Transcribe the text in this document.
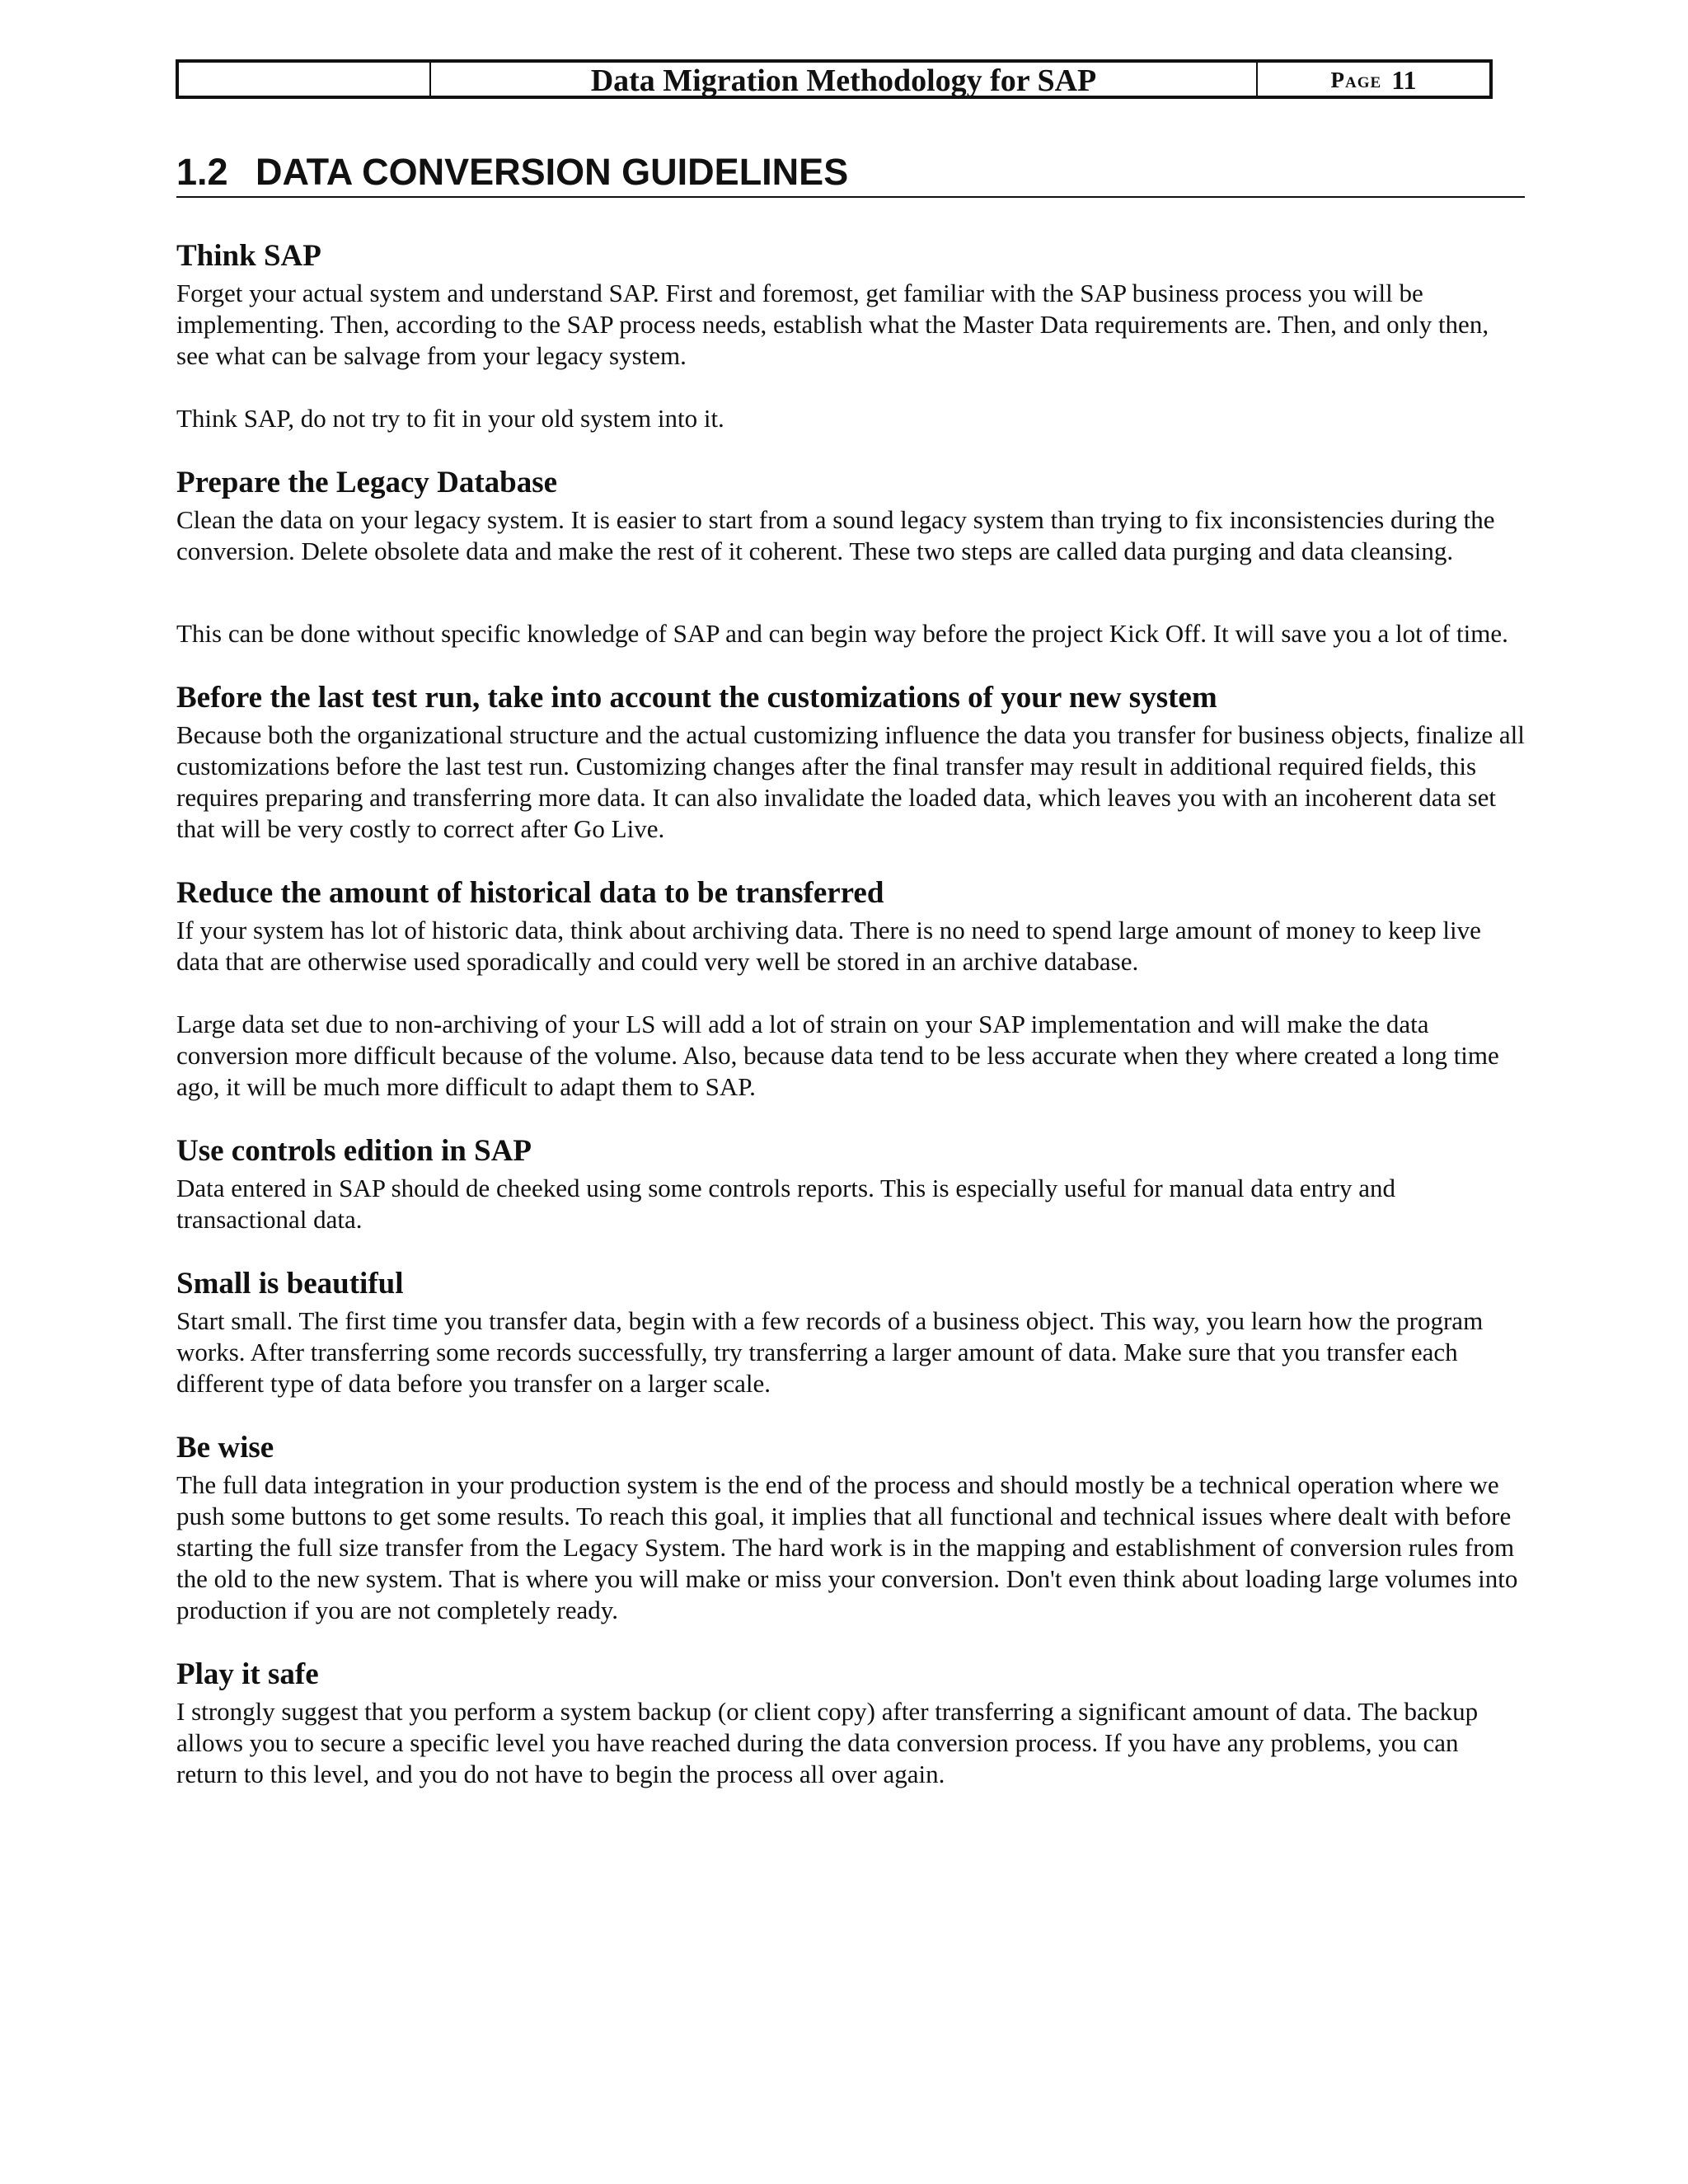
Data Migration Methodology for SAP	Page 11
1.2 DATA CONVERSION GUIDELINES
Think SAP

Forget your actual system and understand SAP. First and foremost, get familiar with the SAP business process you will be implementing. Then, according to the SAP process needs, establish what the Master Data requirements are. Then, and only then, see what can be salvage from your legacy system.

Think SAP, do not try to fit in your old system into it.

Prepare the Legacy Database

Clean the data on your legacy system. It is easier to start from a sound legacy system than trying to fix inconsistencies during the conversion. Delete obsolete data and make the rest of it coherent. These two steps are called data purging and data cleansing.

This can be done without specific knowledge of SAP and can begin way before the project Kick Off. It will save you a lot of time.

Before the last test run, take into account the customizations of your new system

Because both the organizational structure and the actual customizing influence the data you transfer for business objects, finalize all customizations before the last test run. Customizing changes after the final transfer may result in additional required fields, this requires preparing and transferring more data. It can also invalidate the loaded data, which leaves you with an incoherent data set that will be very costly to correct after Go Live.

Reduce the amount of historical data to be transferred

If your system has lot of historic data, think about archiving data. There is no need to spend large amount of money to keep live data that are otherwise used sporadically and could very well be stored in an archive database.

Large data set due to non-archiving of your LS will add a lot of strain on your SAP implementation and will make the data conversion more difficult because of the volume. Also, because data tend to be less accurate when they where created a long time ago, it will be much more difficult to adapt them to SAP.

Use controls edition in SAP

Data entered in SAP should de cheeked using some controls reports. This is especially useful for manual data entry and transactional data.

Small is beautiful

Start small. The first time you transfer data, begin with a few records of a business object. This way, you learn how the program works. After transferring some records successfully, try transferring a larger amount of data. Make sure that you transfer each different type of data before you transfer on a larger scale.

Be wise

The full data integration in your production system is the end of the process and should mostly be a technical operation where we push some buttons to get some results. To reach this goal, it implies that all functional and technical issues where dealt with before starting the full size transfer from the Legacy System. The hard work is in the mapping and establishment of conversion rules from the old to the new system. That is where you will make or miss your conversion. Don't even think about loading large volumes into production if you are not completely ready.

Play it safe

I strongly suggest that you perform a system backup (or client copy) after transferring a significant amount of data. The backup allows you to secure a specific level you have reached during the data conversion process. If you have any problems, you can return to this level, and you do not have to begin the process all over again.
